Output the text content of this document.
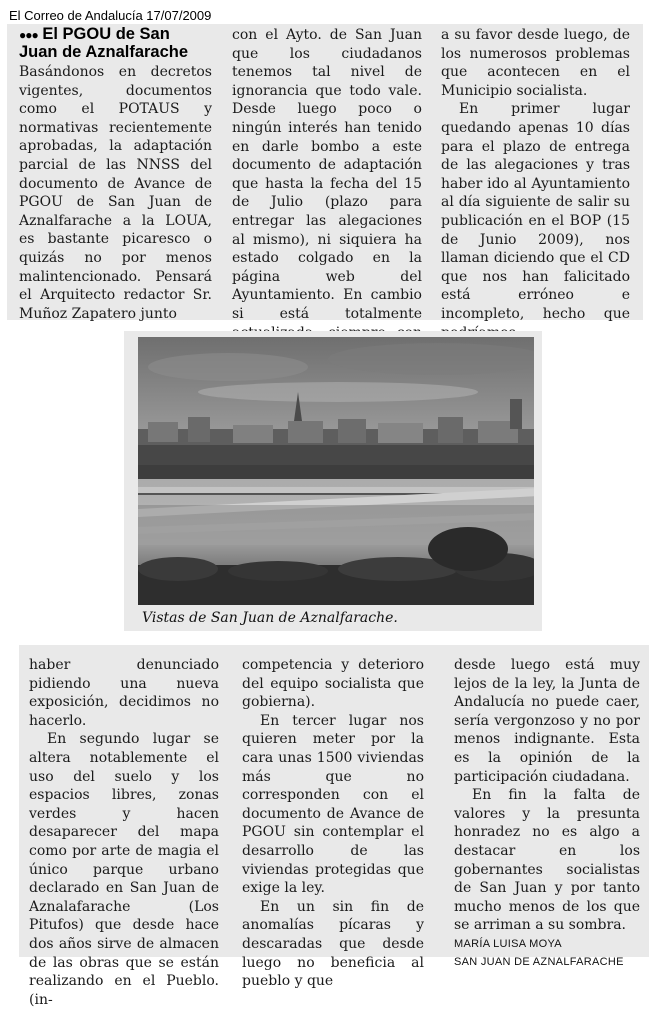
El Correo de Andalucía 17/07/2009
●●● El PGOU de San Juan de Aznalfarache

Basándonos en decretos vigentes, documentos como el POTAUS y normativas recientemente aprobadas, la adaptación parcial de las NNSS del documento de Avance de PGOU de San Juan de Aznalfarache a la LOUA, es bastante picaresco o quizás no por menos malintencionado. Pensará el Arquitecto redactor Sr. Muñoz Zapatero junto

con el Ayto. de San Juan que los ciudadanos tenemos tal nivel de ignorancia que todo vale. Desde luego poco o ningún interés han tenido en darle bombo a este documento de adaptación que hasta la fecha del 15 de Julio (plazo para entregar las alegaciones al mismo), ni siquiera ha estado colgado en la página web del Ayuntamiento. En cambio si está totalmente

a su favor desde luego, de los numerosos problemas que acontecen en el Municipio socialista.

En primer lugar quedando apenas 10 días para el plazo de entrega de las alegaciones y tras haber ido al Ayuntamiento al día siguiente de salir su publicación en el BOP (15 de Junio 2009), nos llaman diciendo que el CD que nos han falicitado está erróneo e incompleto, hecho que

Vistas de San Juan de Aznalfarache.

haber denunciado pidiendo una nueva exposición, decidimos no hacerlo.

En segundo lugar se altera notablemente el uso del suelo y los espacios libres, zonas verdes y hacen desaparecer del mapa como por arte de magia el único parque urbano declarado en San Juan de Aznalafarache (Los Pitufos) que desde hace dos años sirve de almacen de las obras que se están realizando en el Pueblo.(in-

competencia y deterioro del equipo socialista que gobierna).

En tercer lugar nos quieren meter por la cara unas 1500 viviendas más que no corresponden con el documento de Avance de PGOU sin contemplar el desarrollo de las viviendas protegidas que exige la ley.

En un sin fin de anomalías pícaras y descaradas que desde luego no beneficia al pueblo y que

desde luego está muy lejos de la ley, la Junta de Andalucía no puede caer, sería vergonzoso y no por menos indignante. Esta es la opinión de la participación ciudadana.

En fin la falta de valores y la presunta honradez no es algo a destacar en los gobernantes socialistas de San Juan y por tanto mucho menos de los que se arriman a su sombra.

MARÍA LUISA MOYA
SAN JUAN DE AZNALFARACHE
